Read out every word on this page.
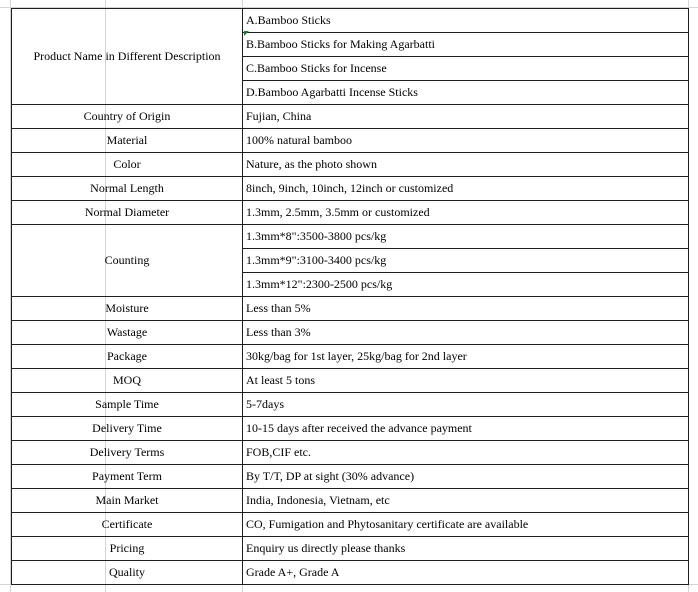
Product Name in Different Description	A.Bamboo Sticks
	B.Bamboo Sticks for Making Agarbatti
	C.Bamboo Sticks for Incense
	D.Bamboo Agarbatti Incense Sticks
Country of Origin	Fujian, China
Material	100% natural bamboo
Color	Nature, as the photo shown
Normal Length	8inch, 9inch, 10inch, 12inch or customized
Normal Diameter	1.3mm, 2.5mm, 3.5mm or customized
Counting	1.3mm*8":3500-3800 pcs/kg
	1.3mm*9":3100-3400 pcs/kg
	1.3mm*12":2300-2500 pcs/kg
Moisture	Less than 5%
Wastage	Less than 3%
Package	30kg/bag for 1st layer, 25kg/bag for 2nd layer
MOQ	At least 5 tons
Sample Time	5-7days
Delivery Time	10-15 days after received the advance payment
Delivery Terms	FOB,CIF etc.
Payment Term	By T/T, DP at sight (30% advance)
Main Market	India, Indonesia, Vietnam, etc
Certificate	CO, Fumigation and Phytosanitary certificate are available
Pricing	Enquiry us directly please thanks
Quality	Grade A+, Grade A
